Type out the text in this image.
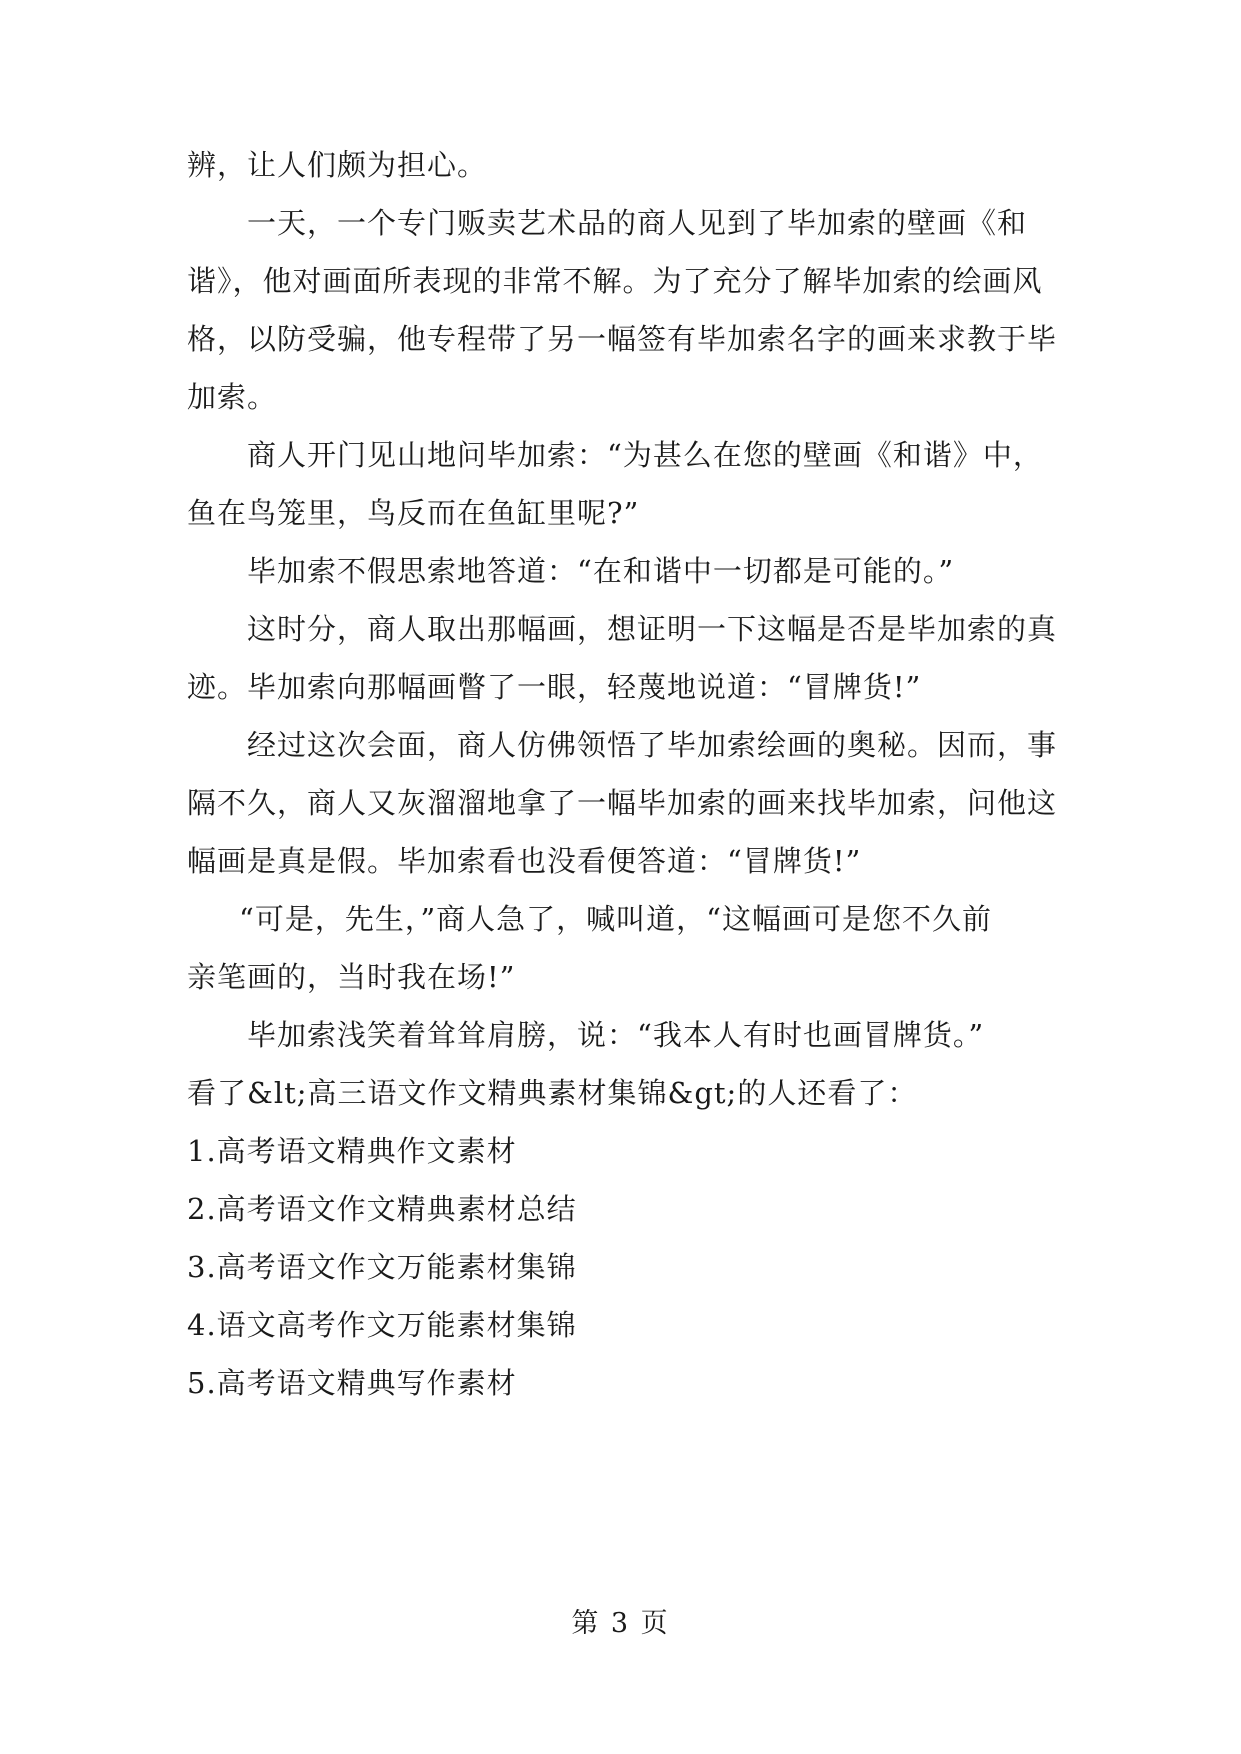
辨，让人们颇为担心。
一天，一个专门贩卖艺术品的商人见到了毕加索的壁画《和
谐》，他对画面所表现的非常不解。为了充分了解毕加索的绘画风
格，以防受骗，他专程带了另一幅签有毕加索名字的画来求教于毕
加索。
商人开门见山地问毕加索：“为甚么在您的壁画《和谐》中，
鱼在鸟笼里，鸟反而在鱼缸里呢?”
毕加索不假思索地答道：“在和谐中一切都是可能的。”
这时分，商人取出那幅画，想证明一下这幅是否是毕加索的真
迹。毕加索向那幅画瞥了一眼，轻蔑地说道：“冒牌货!”
经过这次会面，商人仿佛领悟了毕加索绘画的奥秘。因而，事
隔不久，商人又灰溜溜地拿了一幅毕加索的画来找毕加索，问他这
幅画是真是假。毕加索看也没看便答道：“冒牌货!”
“可是，先生，”商人急了，喊叫道，“这幅画可是您不久前
亲笔画的，当时我在场!”
毕加索浅笑着耸耸肩膀，说：“我本人有时也画冒牌货。”
看了&lt;高三语文作文精典素材集锦&gt;的人还看了：
1.高考语文精典作文素材
2.高考语文作文精典素材总结
3.高考语文作文万能素材集锦
4.语文高考作文万能素材集锦
5.高考语文精典写作素材
第 3 页
